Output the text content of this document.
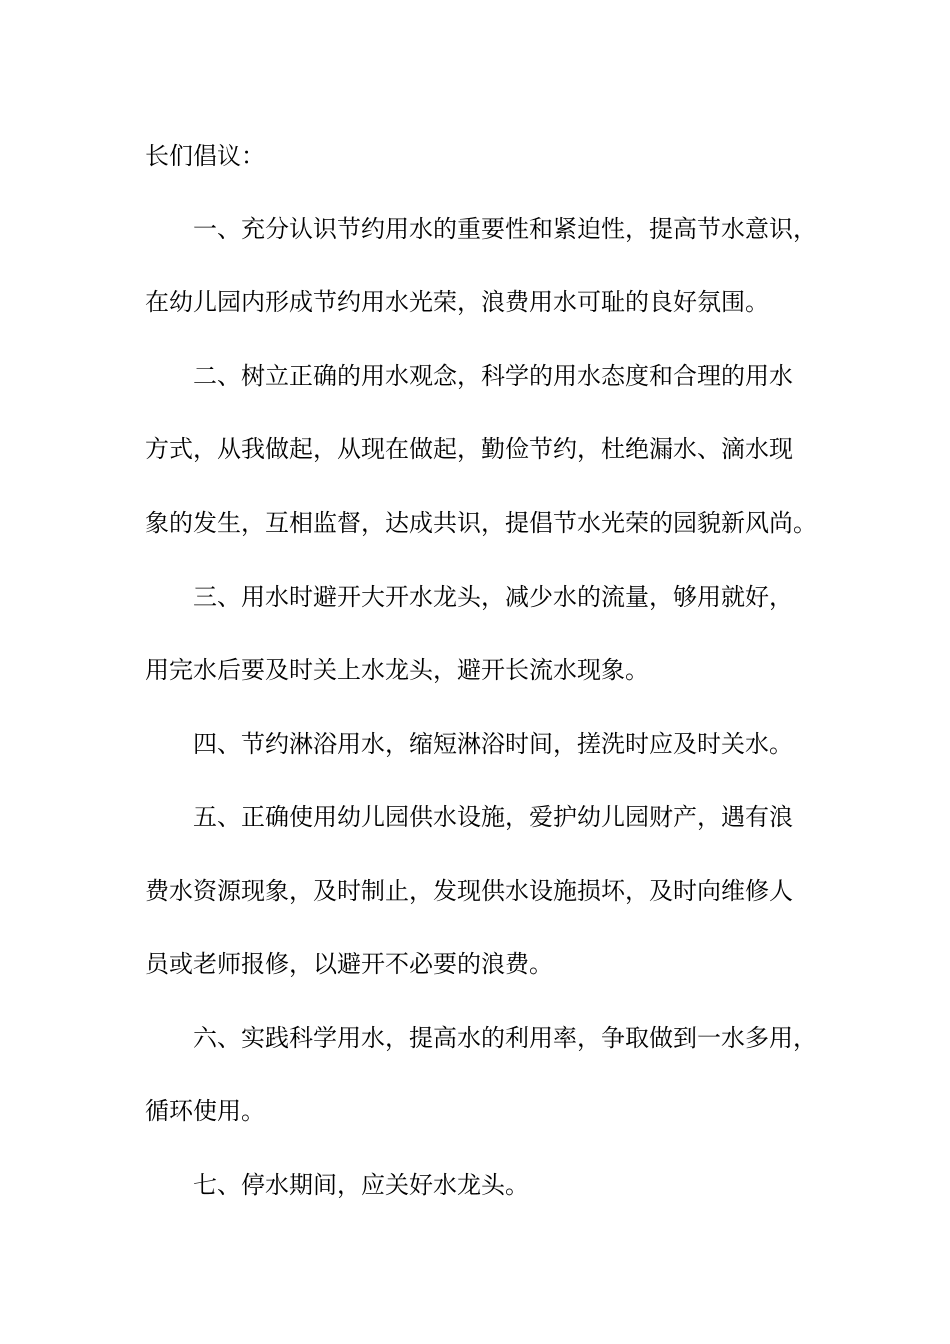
长们倡议：

一、充分认识节约用水的重要性和紧迫性，提高节水意识，

在幼儿园内形成节约用水光荣，浪费用水可耻的良好氛围。

二、树立正确的用水观念，科学的用水态度和合理的用水

方式，从我做起，从现在做起，勤俭节约，杜绝漏水、滴水现

象的发生，互相监督，达成共识，提倡节水光荣的园貌新风尚。

三、用水时避开大开水龙头，减少水的流量，够用就好，

用完水后要及时关上水龙头，避开长流水现象。

四、节约淋浴用水，缩短淋浴时间，搓洗时应及时关水。

五、正确使用幼儿园供水设施，爱护幼儿园财产，遇有浪

费水资源现象，及时制止，发现供水设施损坏，及时向维修人

员或老师报修，以避开不必要的浪费。

六、实践科学用水，提高水的利用率，争取做到一水多用，

循环使用。

七、停水期间，应关好水龙头。
